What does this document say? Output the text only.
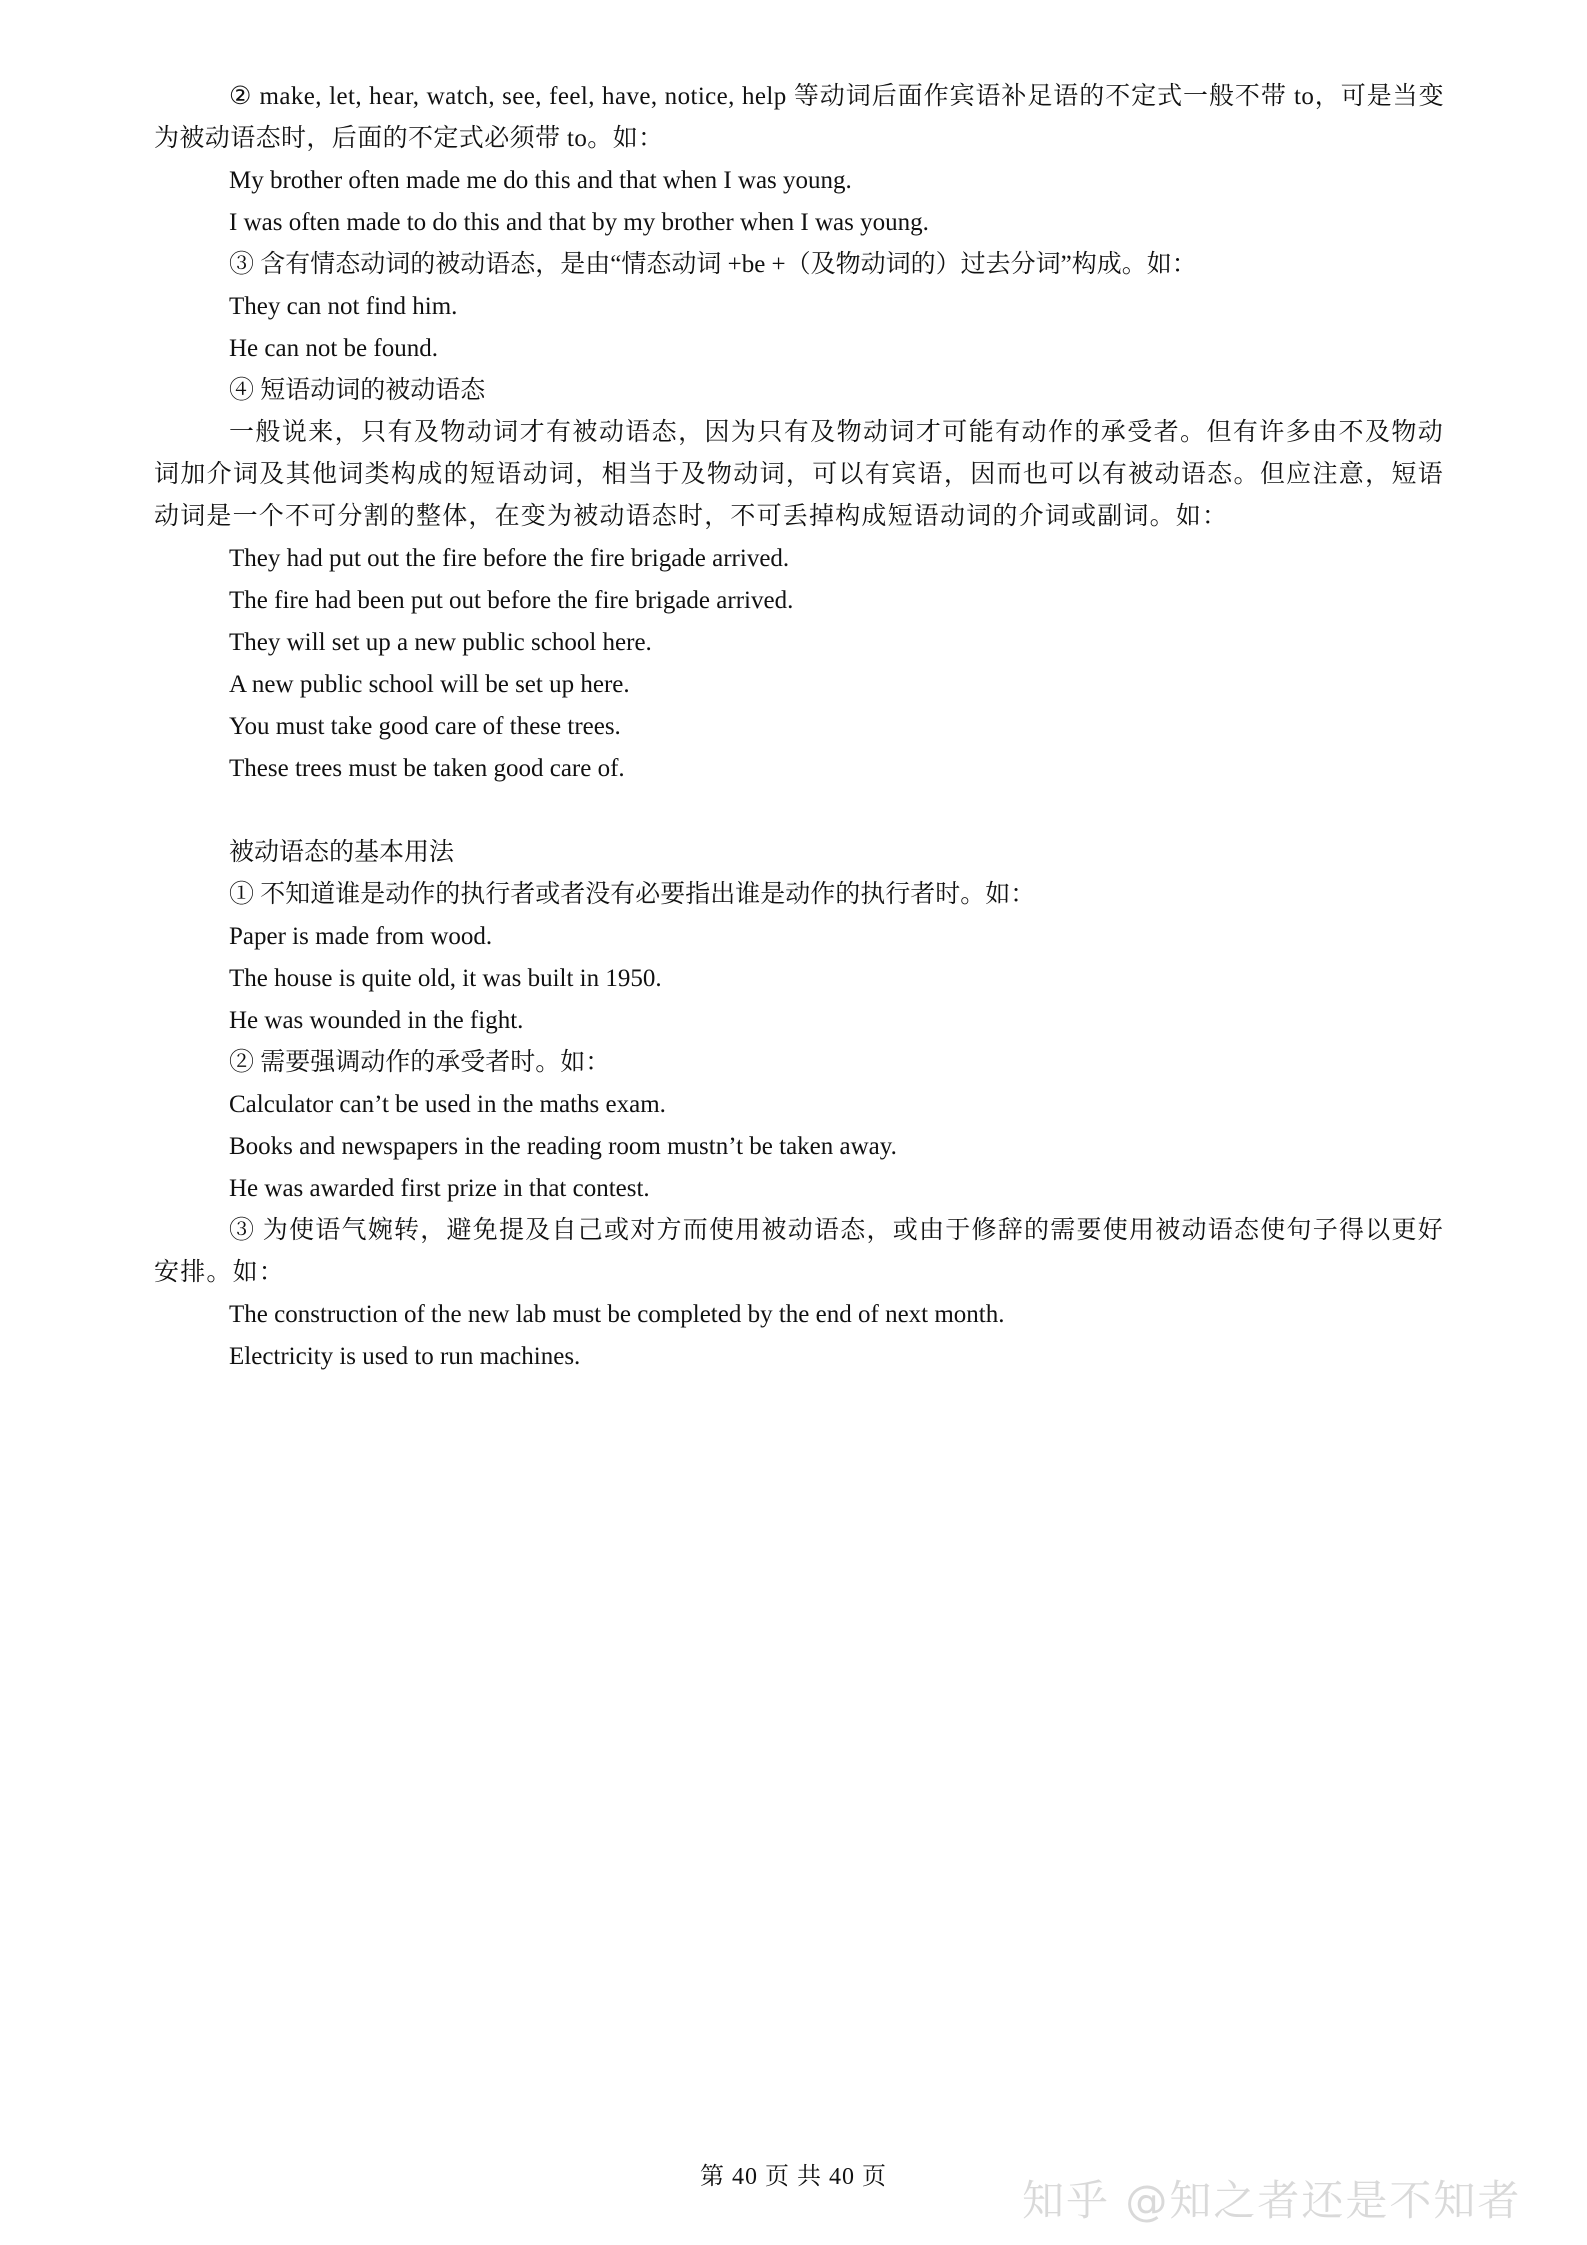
② make, let, hear, watch, see, feel, have, notice, help 等动词后面作宾语补足语的不定式一般不带 to，可是当变为被动语态时，后面的不定式必须带 to。如：
My brother often made me do this and that when I was young.
I was often made to do this and that by my brother when I was young.
③ 含有情态动词的被动语态，是由“情态动词 +be +（及物动词的）过去分词”构成。如：
They can not find him.
He can not be found.
④ 短语动词的被动语态
一般说来，只有及物动词才有被动语态，因为只有及物动词才可能有动作的承受者。但有许多由不及物动词加介词及其他词类构成的短语动词，相当于及物动词，可以有宾语，因而也可以有被动语态。但应注意，短语动词是一个不可分割的整体，在变为被动语态时，不可丢掉构成短语动词的介词或副词。如：
They had put out the fire before the fire brigade arrived.
The fire had been put out before the fire brigade arrived.
They will set up a new public school here.
A new public school will be set up here.
You must take good care of these trees.
These trees must be taken good care of.
被动语态的基本用法
① 不知道谁是动作的执行者或者没有必要指出谁是动作的执行者时。如：
Paper is made from wood.
The house is quite old, it was built in 1950.
He was wounded in the fight.
② 需要强调动作的承受者时。如：
Calculator can’t be used in the maths exam.
Books and newspapers in the reading room mustn’t be taken away.
He was awarded first prize in that contest.
③ 为使语气婉转，避免提及自己或对方而使用被动语态，或由于修辞的需要使用被动语态使句子得以更好安排。如：
The construction of the new lab must be completed by the end of next month.
Electricity is used to run machines.
第 40 页 共 40 页	知乎 @知之者还是不知者
